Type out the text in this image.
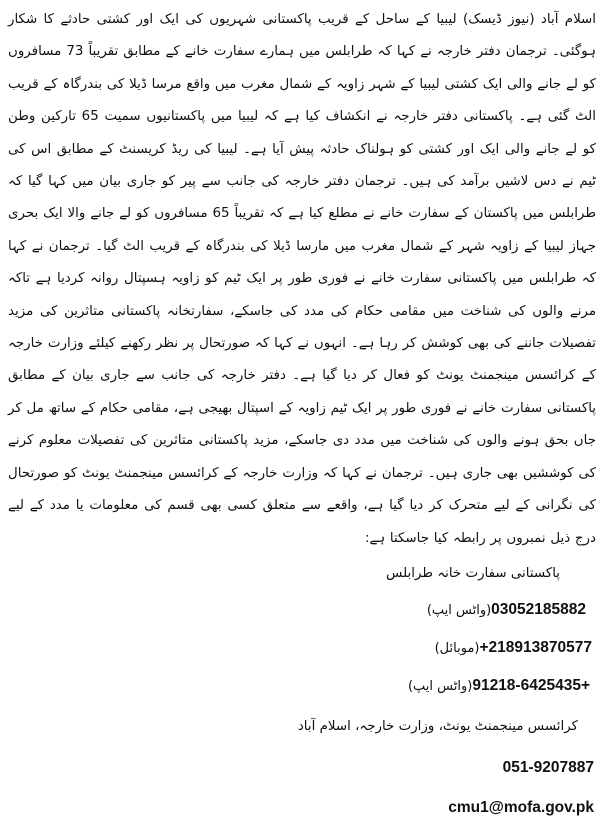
اسلام آباد (نیوز ڈیسک) لیبیا کے ساحل کے قریب پاکستانی شہریوں کی ایک اور کشتی حادثے کا شکار ہوگئی۔ ترجمان دفتر خارجہ نے کہا کہ طرابلس میں ہمارے سفارت خانے کے مطابق تقریباً 73 مسافروں کو لے جانے والی ایک کشتی لیبیا کے شہر زاویہ کے شمال مغرب میں واقع مرسا ڈیلا کی بندرگاہ کے قریب الٹ گئی ہے۔ پاکستانی دفتر خارجہ نے انکشاف کیا ہے کہ لیبیا میں پاکستانیوں سمیت 65 تارکین وطن کو لے جانے والی ایک اور کشتی کو ہولناک حادثہ پیش آیا ہے۔ لیبیا کی ریڈ کریسنٹ کے مطابق اس کی ٹیم نے دس لاشیں برآمد کی ہیں۔ ترجمان دفتر خارجہ کی جانب سے پیر کو جاری بیان میں کہا گیا کہ طرابلس میں پاکستان کے سفارت خانے نے مطلع کیا ہے کہ تقریباً 65 مسافروں کو لے جانے والا ایک بحری جہاز لیبیا کے زاویہ شہر کے شمال مغرب میں مارسا ڈیلا کی بندرگاہ کے قریب الٹ گیا۔ ترجمان نے کہا کہ طرابلس میں پاکستانی سفارت خانے نے فوری طور پر ایک ٹیم کو زاویہ ہسپتال روانہ کردیا ہے تاکہ مرنے والوں کی شناخت میں مقامی حکام کی مدد کی جاسکے، سفارتخانہ پاکستانی متاثرین کی مزید تفصیلات جاننے کی بھی کوشش کر رہا ہے۔ انہوں نے کہا کہ صورتحال پر نظر رکھنے کیلئے وزارت خارجہ کے کرائسس مینجمنٹ یونٹ کو فعال کر دیا گیا ہے۔ دفتر خارجہ کی جانب سے جاری بیان کے مطابق پاکستانی سفارت خانے نے فوری طور پر ایک ٹیم زاویہ کے اسپتال بھیجی ہے، مقامی حکام کے ساتھ مل کر جاں بحق ہونے والوں کی شناخت میں مدد دی جاسکے، مزید پاکستانی متاثرین کی تفصیلات معلوم کرنے کی کوششیں بھی جاری ہیں۔ ترجمان نے کہا کہ وزارت خارجہ کے کرائسس مینجمنٹ یونٹ کو صورتحال کی نگرانی کے لیے متحرک کر دیا گیا ہے، واقعے سے متعلق کسی بھی قسم کی معلومات یا مدد کے لیے درج ذیل نمبروں پر رابطہ کیا جاسکتا ہے:

پاکستانی سفارت خانہ طرابلس
03052185882(واٹس ایپ)
218913870577+(موبائل)
+91218-6425435(واٹس ایپ)
کرائسس مینجمنٹ یونٹ، وزارت خارجہ، اسلام آباد
051-9207887
cmu1@mofa.gov.pk
